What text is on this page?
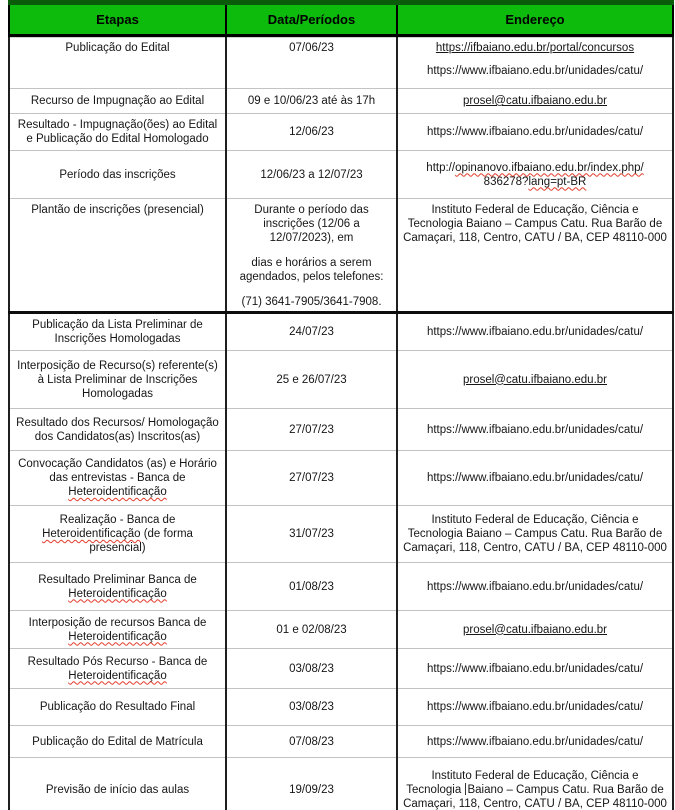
Etapas	Data/Períodos	Endereço

Publicação do Edital	07/06/23	https://ifbaiano.edu.br/portal/concursos
https://www.ifbaiano.edu.br/unidades/catu/

Recurso de Impugnação ao Edital	09 e 10/06/23 até às 17h	prosel@catu.ifbaiano.edu.br

Resultado - Impugnação(ões) ao Edital e Publicação do Edital Homologado	12/06/23	https://www.ifbaiano.edu.br/unidades/catu/

Período das inscrições	12/06/23 a 12/07/23	http://opinanovo.ifbaiano.edu.br/index.php/
836278?lang=pt-BR

Plantão de inscrições (presencial)	Durante o período das inscrições (12/06 a 12/07/2023), em
dias e horários a serem agendados, pelos telefones:
(71) 3641-7905/3641-7908.	Instituto Federal de Educação, Ciência e Tecnologia Baiano – Campus Catu. Rua Barão de Camaçari, 118, Centro, CATU / BA, CEP 48110-000

Publicação da Lista Preliminar de Inscrições Homologadas	24/07/23	https://www.ifbaiano.edu.br/unidades/catu/

Interposição de Recurso(s) referente(s) à Lista Preliminar de Inscrições Homologadas	25 e 26/07/23	prosel@catu.ifbaiano.edu.br

Resultado dos Recursos/ Homologação dos Candidatos(as) Inscritos(as)	27/07/23	https://www.ifbaiano.edu.br/unidades/catu/

Convocação Candidatos (as) e Horário das entrevistas - Banca de Heteroidentificação	27/07/23	https://www.ifbaiano.edu.br/unidades/catu/

Realização - Banca de Heteroidentificação (de forma presencial)	31/07/23	Instituto Federal de Educação, Ciência e Tecnologia Baiano – Campus Catu. Rua Barão de Camaçari, 118, Centro, CATU / BA, CEP 48110-000

Resultado Preliminar Banca de Heteroidentificação	01/08/23	https://www.ifbaiano.edu.br/unidades/catu/

Interposição de recursos Banca de Heteroidentificação	01 e 02/08/23	prosel@catu.ifbaiano.edu.br

Resultado Pós Recurso - Banca de Heteroidentificação	03/08/23	https://www.ifbaiano.edu.br/unidades/catu/

Publicação do Resultado Final	03/08/23	https://www.ifbaiano.edu.br/unidades/catu/

Publicação do Edital de Matrícula	07/08/23	https://www.ifbaiano.edu.br/unidades/catu/

Previsão de início das aulas	19/09/23	Instituto Federal de Educação, Ciência e Tecnologia Baiano – Campus Catu. Rua Barão de Camaçari, 118, Centro, CATU / BA, CEP 48110-000
